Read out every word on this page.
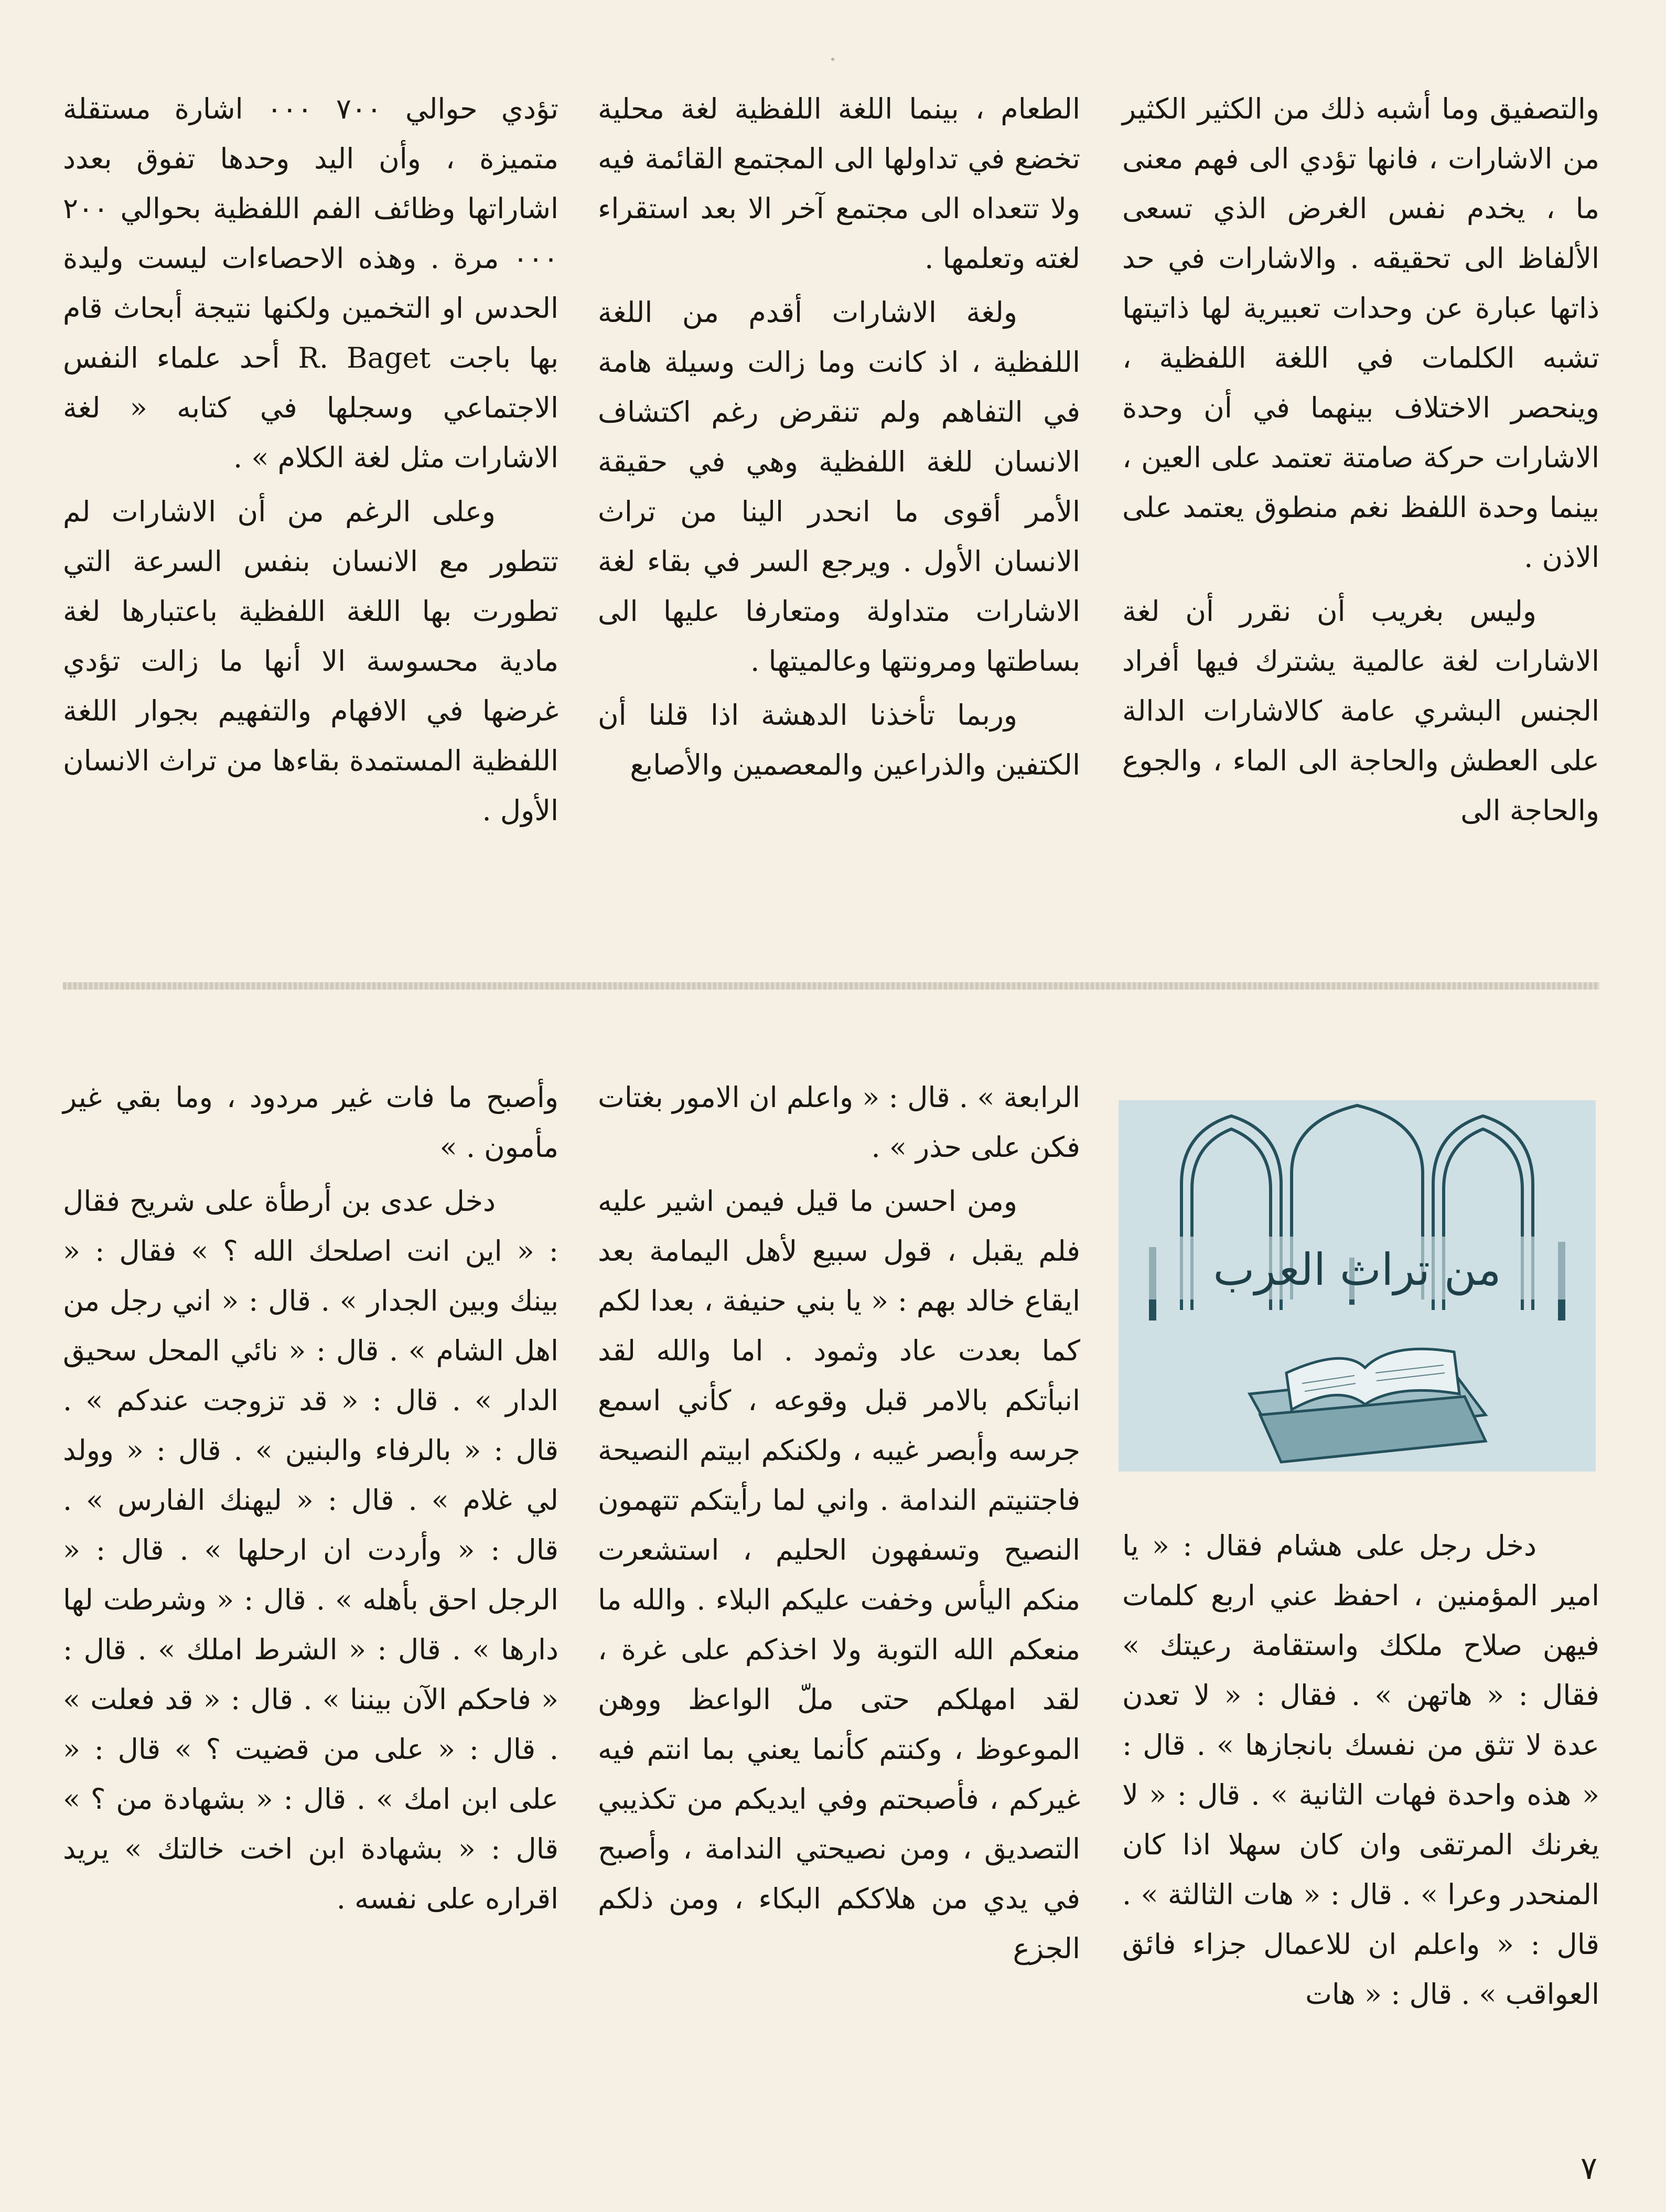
والتصفيق وما أشبه ذلك من الكثير الكثير من الاشارات ، فانها تؤدي الى فهم معنى ما ، يخدم نفس الغرض الذي تسعى الألفاظ الى تحقيقه . والاشارات في حد ذاتها عبارة عن وحدات تعبيرية لها ذاتيتها تشبه الكلمات في اللغة اللفظية ، وينحصر الاختلاف بينهما في أن وحدة الاشارات حركة صامتة تعتمد على العين ، بينما وحدة اللفظ نغم منطوق يعتمد على الاذن .

وليس بغريب أن نقرر أن لغة الاشارات لغة عالمية يشترك فيها أفراد الجنس البشري عامة كالاشارات الدالة على العطش والحاجة الى الماء ، والجوع والحاجة الى

الطعام ، بينما اللغة اللفظية لغة محلية تخضع في تداولها الى المجتمع القائمة فيه ولا تتعداه الى مجتمع آخر الا بعد استقراء لغته وتعلمها .

ولغة الاشارات أقدم من اللغة اللفظية ، اذ كانت وما زالت وسيلة هامة في التفاهم ولم تنقرض رغم اكتشاف الانسان للغة اللفظية وهي في حقيقة الأمر أقوى ما انحدر الينا من تراث الانسان الأول . ويرجع السر في بقاء لغة الاشارات متداولة ومتعارفا عليها الى بساطتها ومرونتها وعالميتها .

وربما تأخذنا الدهشة اذا قلنا أن الكتفين والذراعين والمعصمين والأصابع

تؤدي حوالي ٧٠٠ ٠٠٠ اشارة مستقلة متميزة ، وأن اليد وحدها تفوق بعدد اشاراتها وظائف الفم اللفظية بحوالي ٢٠٠ ٠٠٠ مرة . وهذه الاحصاءات ليست وليدة الحدس او التخمين ولكنها نتيجة أبحاث قام بها باجت R. Baget أحد علماء النفس الاجتماعي وسجلها في كتابه « لغة الاشارات مثل لغة الكلام » .

وعلى الرغم من أن الاشارات لم تتطور مع الانسان بنفس السرعة التي تطورت بها اللغة اللفظية باعتبارها لغة مادية محسوسة الا أنها ما زالت تؤدي غرضها في الافهام والتفهيم بجوار اللغة اللفظية المستمدة بقاءها من تراث الانسان الأول .

من تراث العرب

دخل رجل على هشام فقال : « يا امير المؤمنين ، احفظ عني اربع كلمات فيهن صلاح ملكك واستقامة رعيتك » فقال : « هاتهن » . فقال : « لا تعدن عدة لا تثق من نفسك بانجازها » . قال : « هذه واحدة فهات الثانية » . قال : « لا يغرنك المرتقى وان كان سهلا اذا كان المنحدر وعرا » . قال : « هات الثالثة » . قال : « واعلم ان للاعمال جزاء فائق العواقب » . قال : « هات

الرابعة » . قال : « واعلم ان الامور بغتات فكن على حذر » .

ومن احسن ما قيل فيمن اشير عليه فلم يقبل ، قول سبيع لأهل اليمامة بعد ايقاع خالد بهم : « يا بني حنيفة ، بعدا لكم كما بعدت عاد وثمود . اما والله لقد انبأتكم بالامر قبل وقوعه ، كأني اسمع جرسه وأبصر غيبه ، ولكنكم ابيتم النصيحة فاجتنيتم الندامة . واني لما رأيتكم تتهمون النصيح وتسفهون الحليم ، استشعرت منكم اليأس وخفت عليكم البلاء . والله ما منعكم الله التوبة ولا اخذكم على غرة ، لقد امهلكم حتى ملّ الواعظ ووهن الموعوظ ، وكنتم كأنما يعني بما انتم فيه غيركم ، فأصبحتم وفي ايديكم من تكذيبي التصديق ، ومن نصيحتي الندامة ، وأصبح في يدي من هلاككم البكاء ، ومن ذلكم الجزع

وأصبح ما فات غير مردود ، وما بقي غير مأمون . »

دخل عدى بن أرطأة على شريح فقال : « اين انت اصلحك الله ؟ » فقال : « بينك وبين الجدار » . قال : « اني رجل من اهل الشام » . قال : « نائي المحل سحيق الدار » . قال : « قد تزوجت عندكم » . قال : « بالرفاء والبنين » . قال : « وولد لي غلام » . قال : « ليهنك الفارس » . قال : « وأردت ان ارحلها » . قال : « الرجل احق بأهله » . قال : « وشرطت لها دارها » . قال : « الشرط املك » . قال : « فاحكم الآن بيننا » . قال : « قد فعلت » . قال : « على من قضيت ؟ » قال : « على ابن امك » . قال : « بشهادة من ؟ » قال : « بشهادة ابن اخت خالتك » يريد اقراره على نفسه .

٧
